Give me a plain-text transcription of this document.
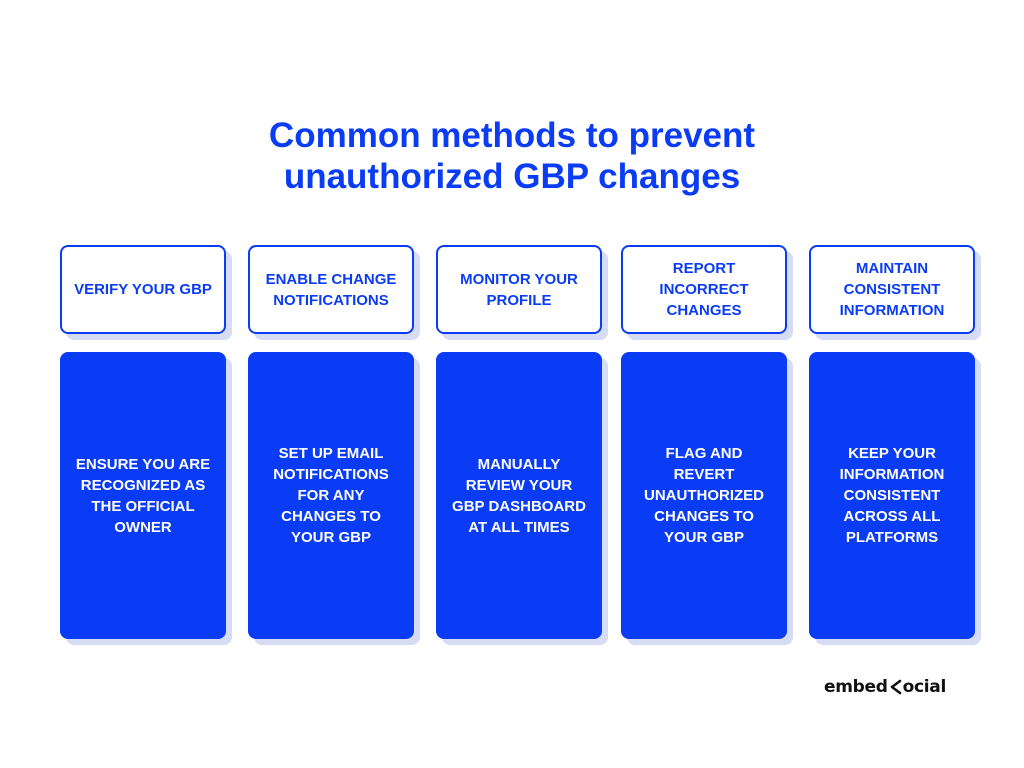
Common methods to prevent
unauthorized GBP changes
VERIFY YOUR GBP
ENSURE YOU ARE RECOGNIZED AS THE OFFICIAL OWNER
ENABLE CHANGE NOTIFICATIONS
SET UP EMAIL NOTIFICATIONS FOR ANY CHANGES TO YOUR GBP
MONITOR YOUR PROFILE
MANUALLY REVIEW YOUR GBP DASHBOARD AT ALL TIMES
REPORT INCORRECT CHANGES
FLAG AND REVERT UNAUTHORIZED CHANGES TO YOUR GBP
MAINTAIN CONSISTENT INFORMATION
KEEP YOUR INFORMATION CONSISTENT ACROSS ALL PLATFORMS
embed ocial
